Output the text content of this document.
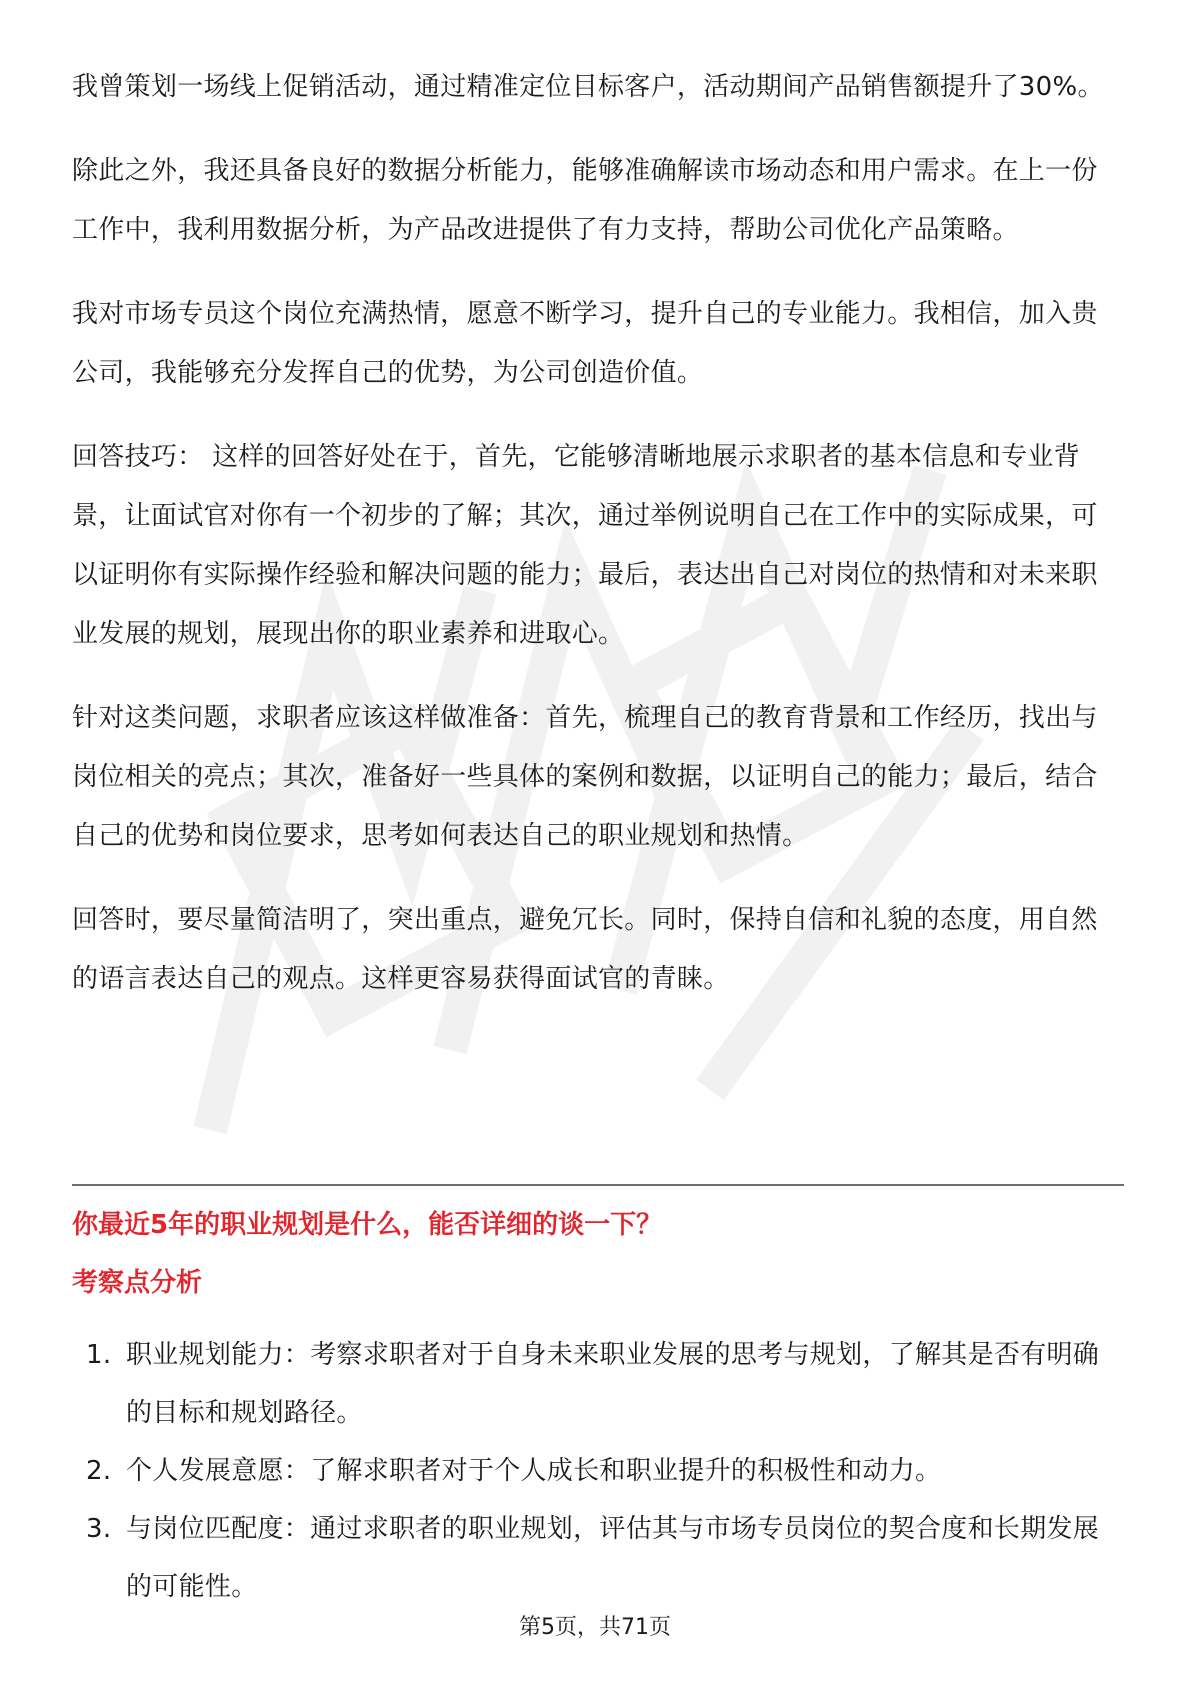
我曾策划一场线上促销活动，通过精准定位目标客户，活动期间产品销售额提升了30%。

除此之外，我还具备良好的数据分析能力，能够准确解读市场动态和用户需求。在上一份工作中，我利用数据分析，为产品改进提供了有力支持，帮助公司优化产品策略。

我对市场专员这个岗位充满热情，愿意不断学习，提升自己的专业能力。我相信，加入贵公司，我能够充分发挥自己的优势，为公司创造价值。

回答技巧： 这样的回答好处在于，首先，它能够清晰地展示求职者的基本信息和专业背景，让面试官对你有一个初步的了解；其次，通过举例说明自己在工作中的实际成果，可以证明你有实际操作经验和解决问题的能力；最后，表达出自己对岗位的热情和对未来职业发展的规划，展现出你的职业素养和进取心。

针对这类问题，求职者应该这样做准备：首先，梳理自己的教育背景和工作经历，找出与岗位相关的亮点；其次，准备好一些具体的案例和数据，以证明自己的能力；最后，结合自己的优势和岗位要求，思考如何表达自己的职业规划和热情。

回答时，要尽量简洁明了，突出重点，避免冗长。同时，保持自信和礼貌的态度，用自然的语言表达自己的观点。这样更容易获得面试官的青睐。

你最近5年的职业规划是什么，能否详细的谈一下？
考察点分析
1. 职业规划能力：考察求职者对于自身未来职业发展的思考与规划，了解其是否有明确的目标和规划路径。
2. 个人发展意愿：了解求职者对于个人成长和职业提升的积极性和动力。
3. 与岗位匹配度：通过求职者的职业规划，评估其与市场专员岗位的契合度和长期发展的可能性。
第5页，共71页
